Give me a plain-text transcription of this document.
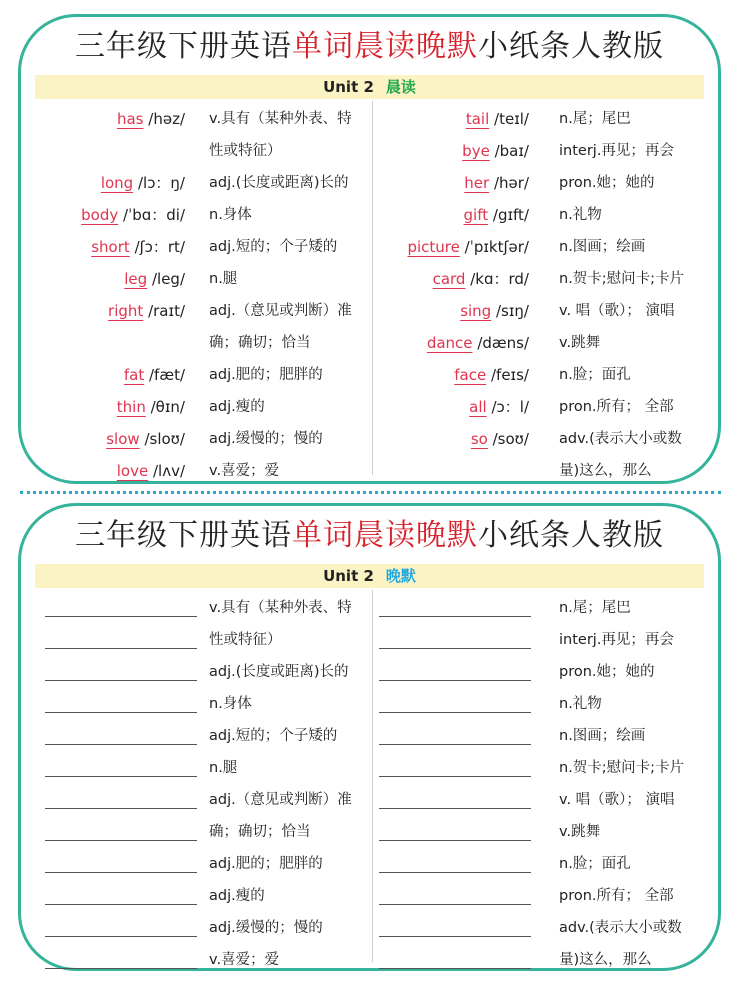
三年级下册英语单词晨读晚默小纸条人教版
Unit 2 晨读
has /həz/ v.具有（某种外表、特
性或特征）
long /lɔ：ŋ/ adj.(长度或距离)长的
body /ˈbɑ：di/ n.身体
short /ʃɔ：rt/ adj.短的；个子矮的
leg /leg/ n.腿
right /raɪt/ adj.（意见或判断）准
确；确切；恰当
fat /fæt/ adj.肥的；肥胖的
thin /θɪn/ adj.瘦的
slow /sloʊ/ adj.缓慢的；慢的
love /lʌv/ v.喜爱；爱
tail /teɪl/ n.尾；尾巴
bye /baɪ/ interj.再见；再会
her /hər/ pron.她；她的
gift /gɪft/ n.礼物
picture /ˈpɪktʃər/ n.图画；绘画
card /kɑ：rd/ n.贺卡;慰问卡;卡片
sing /sɪŋ/ v. 唱（歌）； 演唱
dance /dæns/ v.跳舞
face /feɪs/ n.脸；面孔
all /ɔ：l/ pron.所有； 全部
so /soʊ/ adv.(表示大小或数
量)这么，那么
三年级下册英语单词晨读晚默小纸条人教版
Unit 2 晚默
v.具有（某种外表、特
性或特征）
adj.(长度或距离)长的
n.身体
adj.短的；个子矮的
n.腿
adj.（意见或判断）准
确；确切；恰当
adj.肥的；肥胖的
adj.瘦的
adj.缓慢的；慢的
v.喜爱；爱
n.尾；尾巴
interj.再见；再会
pron.她；她的
n.礼物
n.图画；绘画
n.贺卡;慰问卡;卡片
v. 唱（歌）； 演唱
v.跳舞
n.脸；面孔
pron.所有； 全部
adv.(表示大小或数
量)这么，那么
